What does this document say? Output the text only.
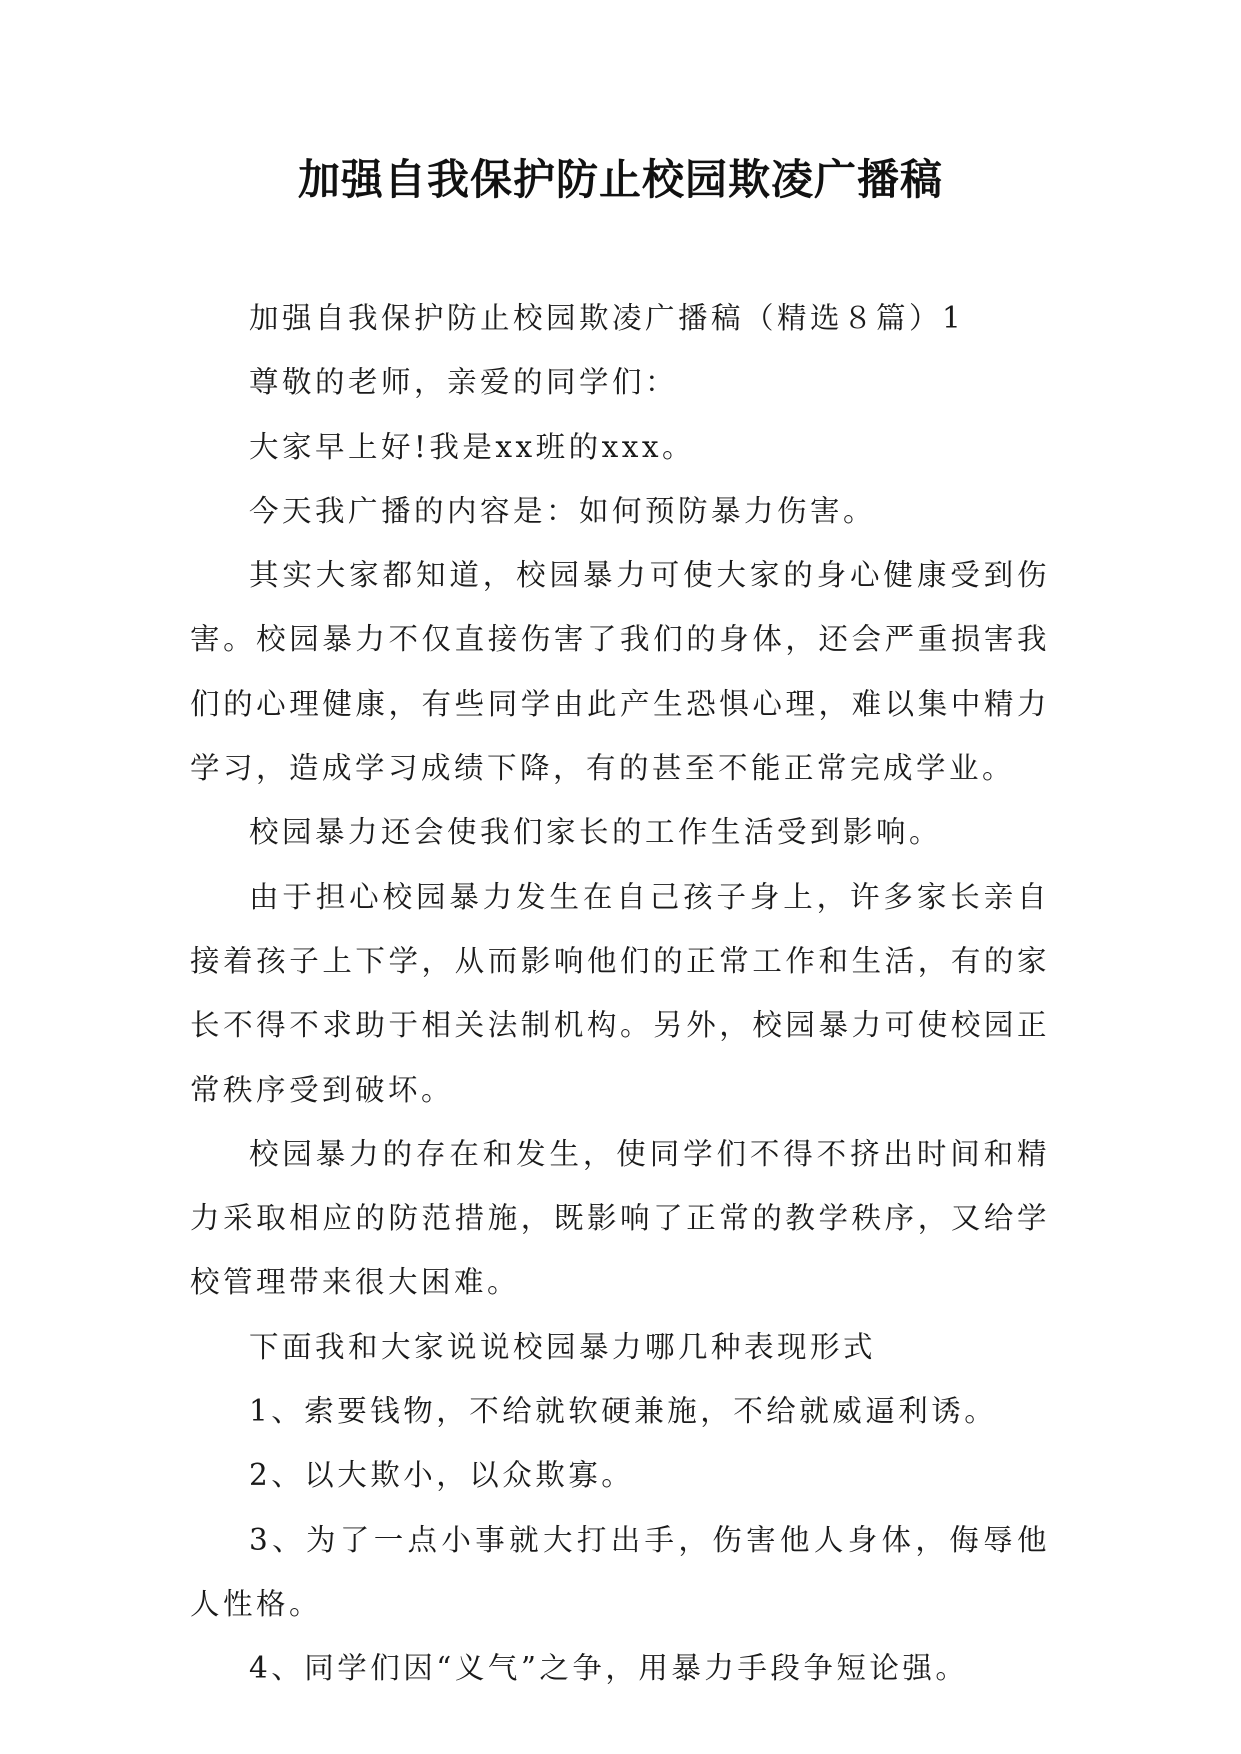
加强自我保护防止校园欺凌广播稿

加强自我保护防止校园欺凌广播稿（精选８篇）1

尊敬的老师，亲爱的同学们：

大家早上好!我是xx班的xxx。

今天我广播的内容是：如何预防暴力伤害。

其实大家都知道，校园暴力可使大家的身心健康受到伤害。校园暴力不仅直接伤害了我们的身体，还会严重损害我们的心理健康，有些同学由此产生恐惧心理，难以集中精力学习，造成学习成绩下降，有的甚至不能正常完成学业。

校园暴力还会使我们家长的工作生活受到影响。

由于担心校园暴力发生在自己孩子身上，许多家长亲自接着孩子上下学，从而影响他们的正常工作和生活，有的家长不得不求助于相关法制机构。另外，校园暴力可使校园正常秩序受到破坏。

校园暴力的存在和发生，使同学们不得不挤出时间和精力采取相应的防范措施，既影响了正常的教学秩序，又给学校管理带来很大困难。

下面我和大家说说校园暴力哪几种表现形式

1、索要钱物，不给就软硬兼施，不给就威逼利诱。

2、以大欺小，以众欺寡。

3、为了一点小事就大打出手，伤害他人身体，侮辱他人性格。

4、同学们因“义气”之争，用暴力手段争短论强。
